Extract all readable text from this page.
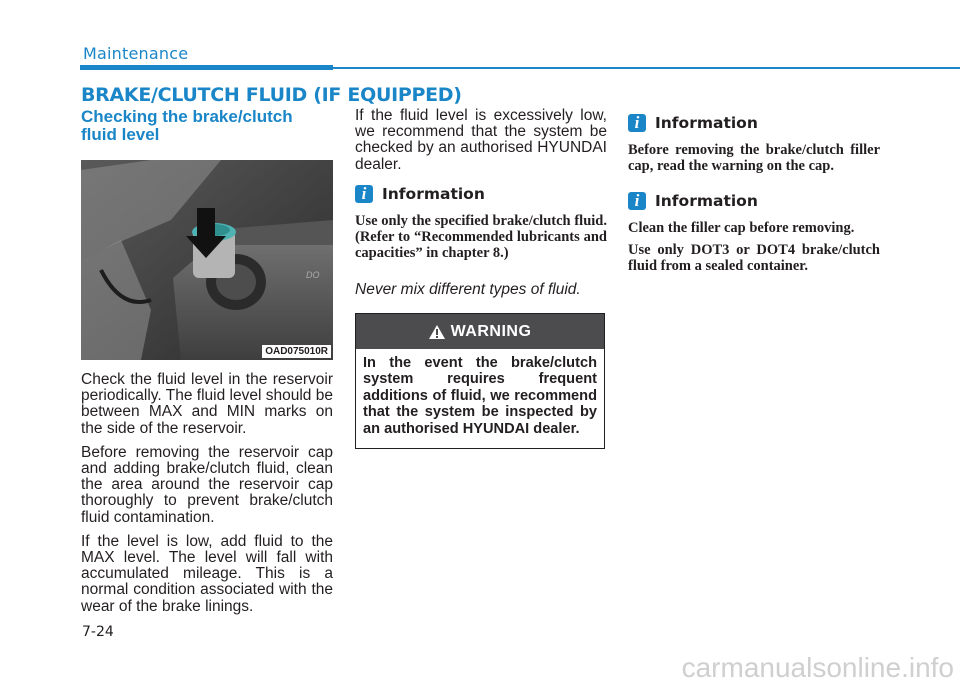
Maintenance
BRAKE/CLUTCH FLUID (IF EQUIPPED)
Checking the brake/clutch fluid level
DO
OAD075010R

Check the fluid level in the reservoir periodically. The fluid level should be between MAX and MIN marks on the side of the reservoir.

Before removing the reservoir cap and adding brake/clutch fluid, clean the area around the reservoir cap thoroughly to prevent brake/clutch fluid contamination.

If the level is low, add fluid to the MAX level. The level will fall with accumulated mileage. This is a normal condition associated with the wear of the brake linings.

If the fluid level is excessively low, we recommend that the system be checked by an authorised HYUNDAI dealer.

i	Information

Use only the specified brake/clutch fluid. (Refer to “Recommended lubricants and capacities” in chapter 8.)

Never mix different types of fluid.

WARNING
In the event the brake/clutch system requires frequent additions of fluid, we recommend that the system be inspected by an authorised HYUNDAI dealer.
i	Information

Before removing the brake/clutch filler cap, read the warning on the cap.

i	Information

Clean the filler cap before removing.

Use only DOT3 or DOT4 brake/clutch fluid from a sealed container.

7-24
carmanualsonline.info
